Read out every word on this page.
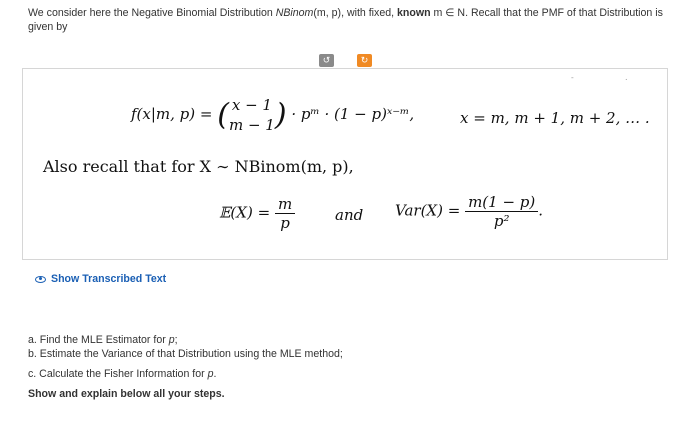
We consider here the Negative Binomial Distribution NBinom(m, p), with fixed, known m ∈ N. Recall that the PMF of that Distribution is given by
↺	↻
-	.
f(x|m, p) = ( x − 1
m − 1 ) · pᵐ · (1 − p)ˣ⁻ᵐ,	x = m, m + 1, m + 2, … .
Also recall that for X ∼ NBinom(m, p),
𝔼(X) = $\frac{m}{p}$	and $Var(X) = \frac{m(1 - p)}{\text{p²}}$ .
Show Transcribed Text
a. Find the MLE Estimator for p;
b. Estimate the Variance of that Distribution using the MLE method;
c. Calculate the Fisher Information for p.
Show and explain below all your steps.
